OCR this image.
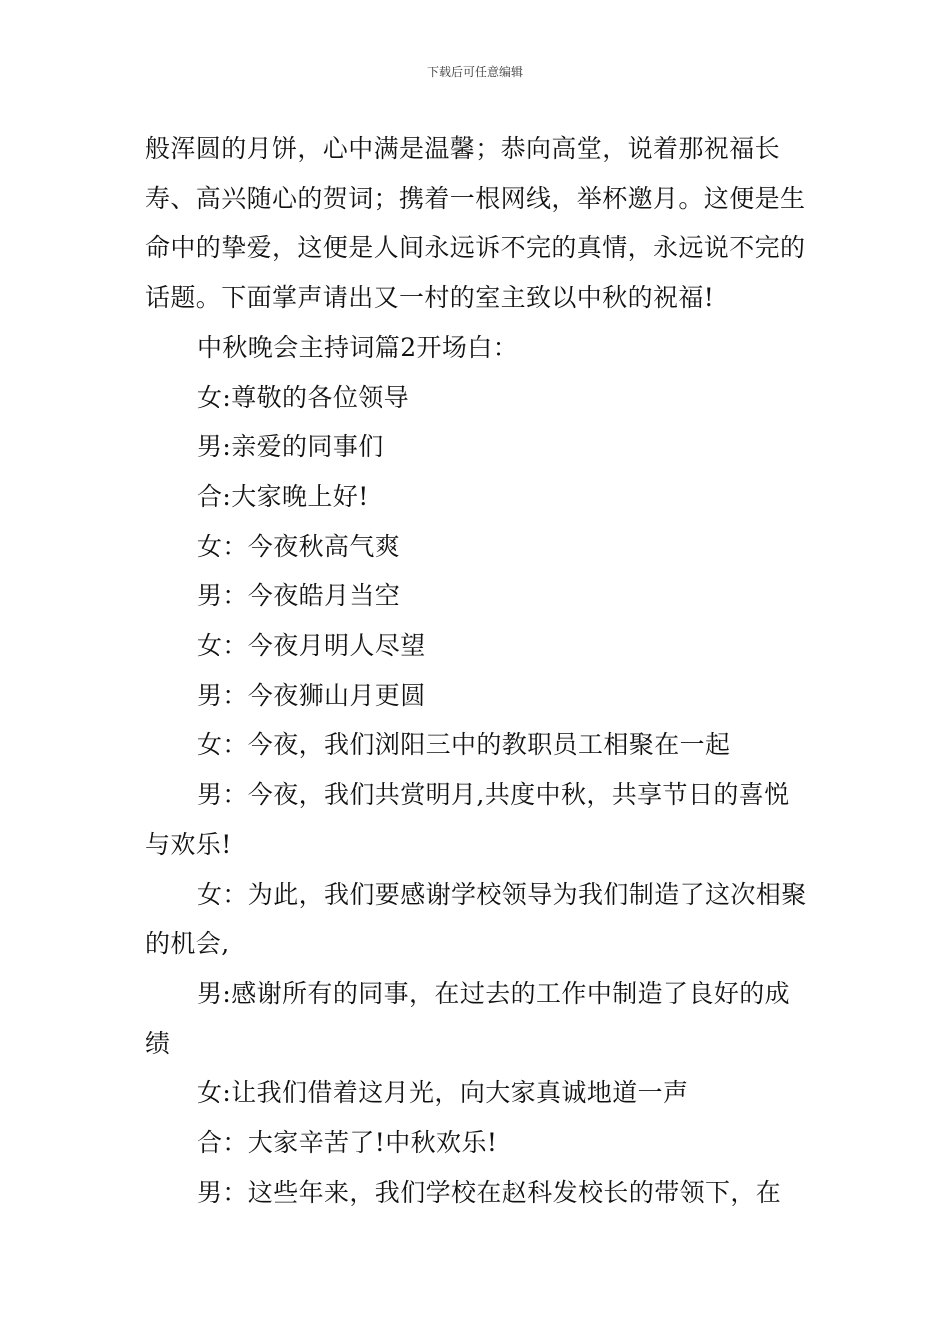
下载后可任意编辑

般浑圆的月饼，心中满是温馨；恭向高堂，说着那祝福长寿、高兴随心的贺词；携着一根网线，举杯邀月。这便是生命中的挚爱，这便是人间永远诉不完的真情，永远说不完的话题。下面掌声请出又一村的室主致以中秋的祝福!

中秋晚会主持词篇2开场白：

女:尊敬的各位领导

男:亲爱的同事们

合:大家晚上好!

女：今夜秋高气爽

男：今夜皓月当空

女：今夜月明人尽望

男：今夜狮山月更圆

女：今夜，我们浏阳三中的教职员工相聚在一起

男：今夜，我们共赏明月,共度中秋，共享节日的喜悦与欢乐!

女：为此，我们要感谢学校领导为我们制造了这次相聚的机会,

男:感谢所有的同事，在过去的工作中制造了良好的成绩

女:让我们借着这月光，向大家真诚地道一声

合：大家辛苦了!中秋欢乐!

男：这些年来，我们学校在赵科发校长的带领下，在
